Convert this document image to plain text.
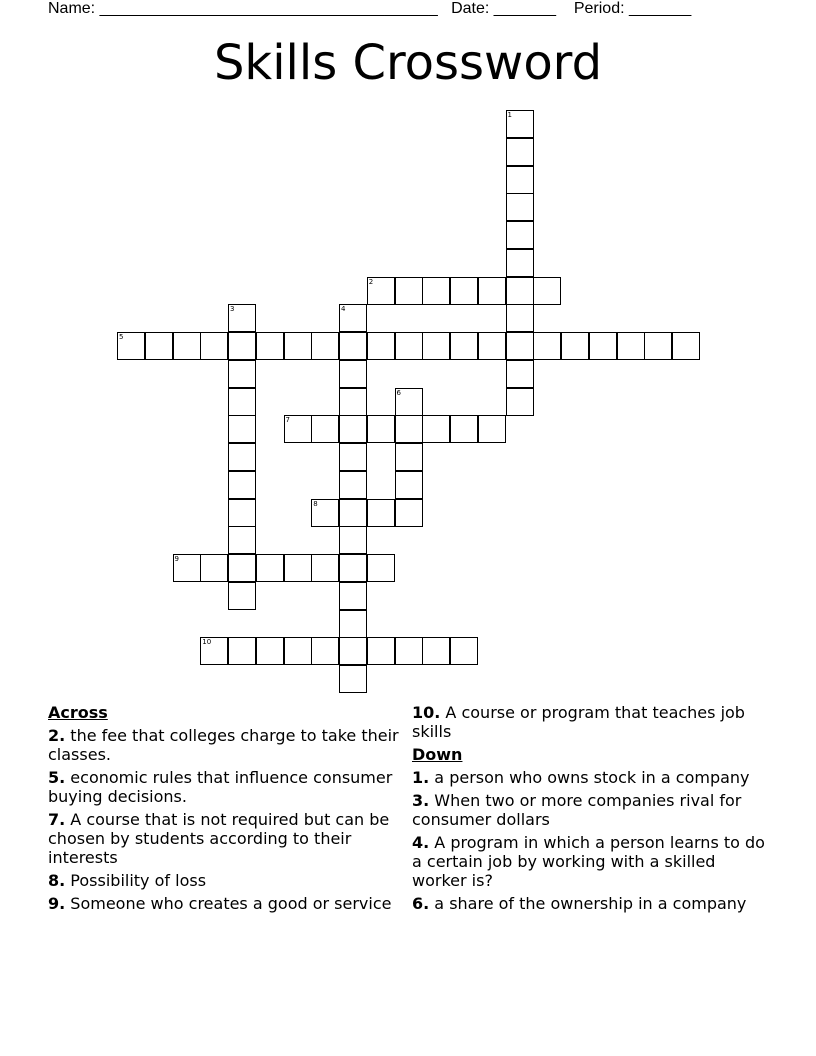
Name: ______________________________________ Date: _______ Period: _______
Skills Crossword
1
2
3	4
5
6
7
8
9
10
Across
2. the fee that colleges charge to take their classes.
5. economic rules that influence consumer buying decisions.
7. A course that is not required but can be chosen by students according to their interests
8. Possibility of loss
9. Someone who creates a good or service
10. A course or program that teaches job skills
Down
1. a person who owns stock in a company
3. When two or more companies rival for consumer dollars
4. A program in which a person learns to do a certain job by working with a skilled worker is?
6. a share of the ownership in a company
